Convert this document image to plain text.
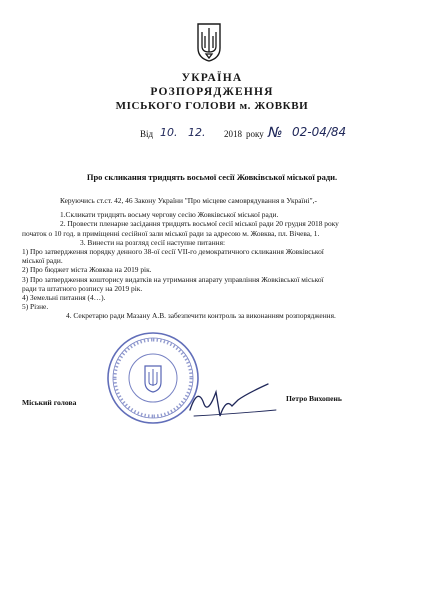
УКРАЇНА
РОЗПОРЯДЖЕННЯ
МІСЬКОГО ГОЛОВИ м. ЖОВКВИ
Від 10. 12. 2018 року № 02-04/84
Про скликання тридцять восьмої сесії Жовківської міської ради.
Керуючись ст.ст. 42, 46 Закону України "Про місцеве самоврядування в Україні",-
1.Скликати тридцять восьму чергову сесію Жовківської міської ради.
2. Провести пленарне засідання тридцять восьмої сесії міської ради 20 грудня 2018 року
початок о 10 год. в приміщенні сесійної зали міської ради за адресою м. Жовква, пл. Вічева, 1.
3. Винести на розгляд сесії наступне питання:
1) Про затвердження порядку денного 38-ої сесії VII-го демократичного скликання Жовківської
міської ради.
2) Про бюджет міста Жовква на 2019 рік.
3) Про затвердження кошторису видатків на утримання апарату управління Жовківської міської
ради та штатного розпису на 2019 рік.
4) Земельні питання (4…).
5) Різне.
4. Секретарю ради Мазану А.В. забезпечити контроль за виконанням розпорядження.
Міський голова	Петро Вихопень
